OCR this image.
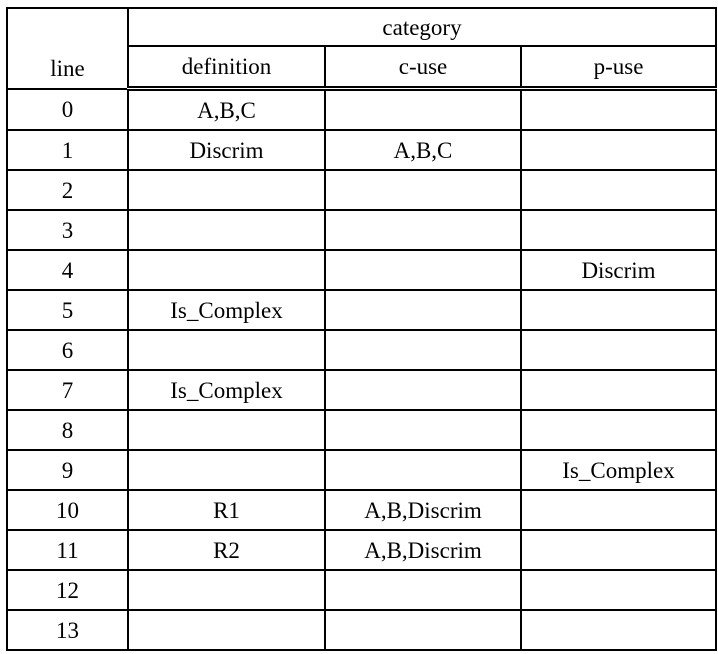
line	category		
	definition	c-use	p-use
0	A,B,C		
1	Discrim	A,B,C	
2			
3			
4			Discrim
5	Is_Complex		
6			
7	Is_Complex		
8			
9			Is_Complex
10	R1	A,B,Discrim	
11	R2	A,B,Discrim	
12			
13			
